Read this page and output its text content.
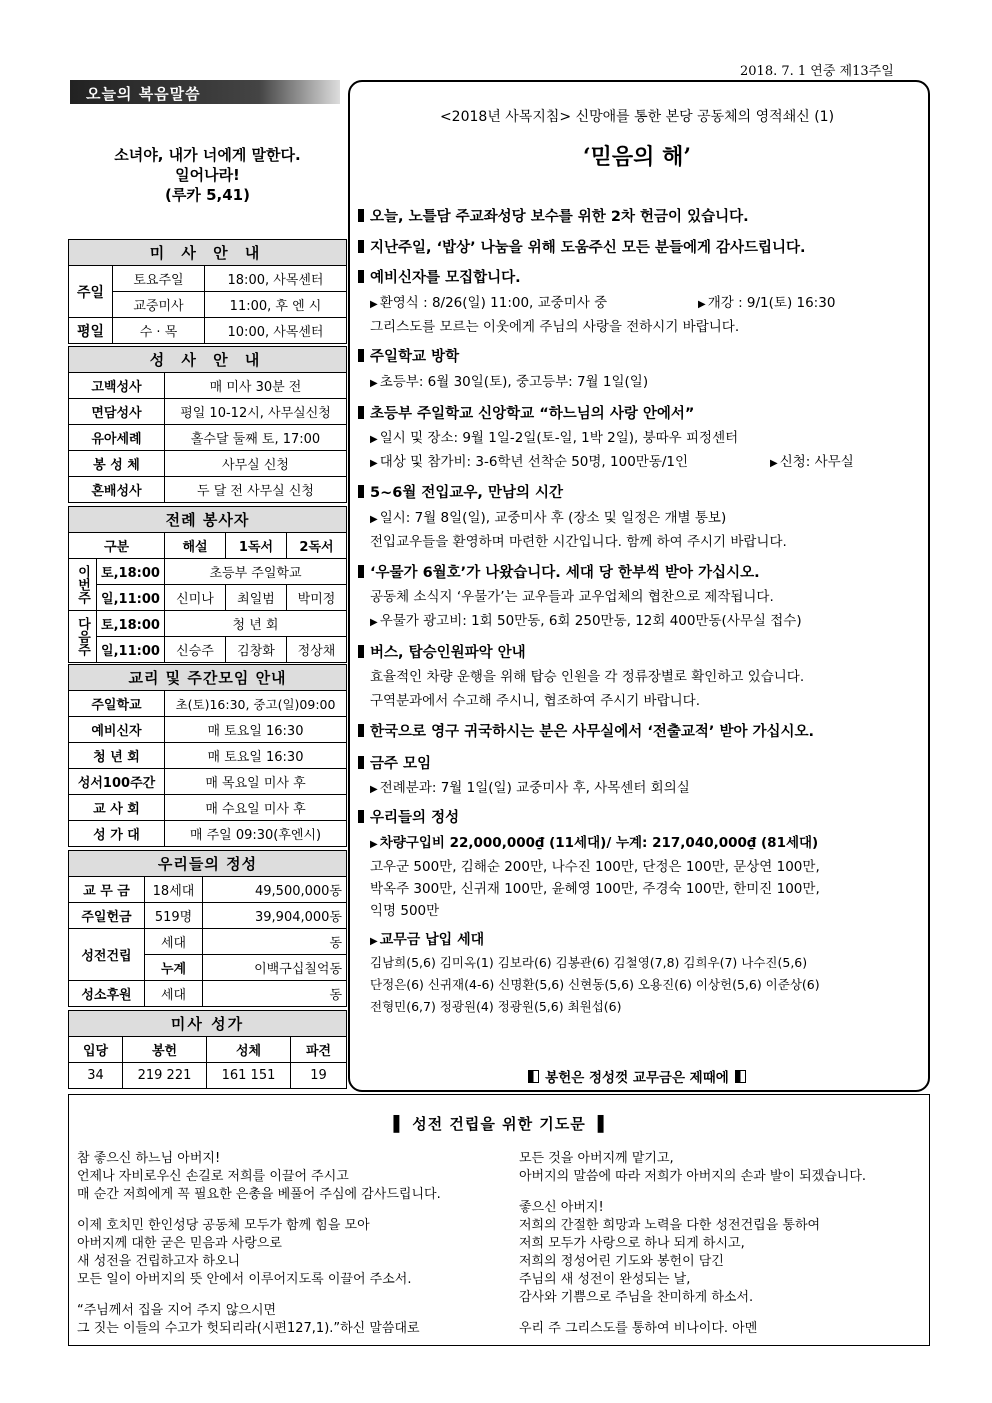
2018. 7. 1 연중 제13주일
오늘의 복음말씀
소녀야, 내가 너에게 말한다.
일어나라!
(루카 5,41)
미 사 안 내		
주일	토요주일	18:00, 사목센터
	교중미사	11:00, 후 엔 시
평일	수 · 목	10:00, 사목센터
성 사 안 내	
고백성사	매 미사 30분 전
면담성사	평일 10-12시, 사무실신청
유아세례	홀수달 둘째 토, 17:00
봉 성 체	사무실 신청
혼배성사	두 달 전 사무실 신청
전례 봉사자				
구분		해설	1독서	2독서
이번주	토,18:00	초등부 주일학교		
	일,11:00	신미나	최일범	박미정
다음주	토,18:00	청 년 회		
	일,11:00	신승주	김창화	정상채
교리 및 주간모임 안내	
주일학교	초(토)16:30, 중고(일)09:00
예비신자	매 토요일 16:30
청 년 회	매 토요일 16:30
성서100주간	매 목요일 미사 후
교 사 회	매 수요일 미사 후
성 가 대	매 주일 09:30(후엔시)
우리들의 정성		
교 무 금	18세대	49,500,000동
주일헌금	519명	39,904,000동
성전건립	세대	동
	누계	이백구십칠억동
성소후원	세대	동
미사 성가			
입당	봉헌	성체	파견
34	219 221	161 151	19
<2018년 사목지침> 신망애를 통한 본당 공동체의 영적쇄신 (1)
‘믿음의 해’
오늘, 노틀담 주교좌성당 보수를 위한 2차 헌금이 있습니다.
지난주일, ‘밥상’ 나눔을 위해 도움주신 모든 분들에게 감사드립니다.
예비신자를 모집합니다.
▶ 환영식 : 8/26(일) 11:00, 교중미사 중	▶ 개강 : 9/1(토) 16:30
그리스도를 모르는 이웃에게 주님의 사랑을 전하시기 바랍니다.
주일학교 방학
▶ 초등부: 6월 30일(토), 중고등부: 7월 1일(일)
초등부 주일학교 신앙학교 “하느님의 사랑 안에서”
▶ 일시 및 장소: 9월 1일-2일(토-일, 1박 2일), 붕따우 피정센터
▶ 대상 및 참가비: 3-6학년 선착순 50명, 100만동/1인	▶ 신청: 사무실
5~6월 전입교우, 만남의 시간
▶ 일시: 7월 8일(일), 교중미사 후 (장소 및 일정은 개별 통보)
전입교우들을 환영하며 마련한 시간입니다. 함께 하여 주시기 바랍니다.
‘우물가 6월호’가 나왔습니다. 세대 당 한부씩 받아 가십시오.
공동체 소식지 ‘우물가’는 교우들과 교우업체의 협찬으로 제작됩니다.
▶ 우물가 광고비: 1회 50만동, 6회 250만동, 12회 400만동(사무실 접수)
버스, 탑승인원파악 안내
효율적인 차량 운행을 위해 탑승 인원을 각 정류장별로 확인하고 있습니다.
구역분과에서 수고해 주시니, 협조하여 주시기 바랍니다.
한국으로 영구 귀국하시는 분은 사무실에서 ‘전출교적’ 받아 가십시오.
금주 모임
▶ 전례분과: 7월 1일(일) 교중미사 후, 사목센터 회의실
우리들의 정성
▶ 차량구입비 22,000,000₫ (11세대)/ 누계: 217,040,000₫ (81세대)
고우군 500만, 김해순 200만, 나수진 100만, 단정은 100만, 문상연 100만,
박옥주 300만, 신귀재 100만, 윤혜영 100만, 주경숙 100만, 한미진 100만,
익명 500만
▶ 교무금 납입 세대
김남희(5,6) 김미옥(1) 김보라(6) 김봉관(6) 김철영(7,8) 김희우(7) 나수진(5,6)
단정은(6) 신귀재(4-6) 신명환(5,6) 신현동(5,6) 오용진(6) 이상헌(5,6) 이준상(6)
전형민(6,7) 정광원(4) 정광원(5,6) 최원섭(6)
봉헌은 정성껏 교무금은 제때에
▌ 성전 건립을 위한 기도문 ▐
참 좋으신 하느님 아버지!
언제나 자비로우신 손길로 저희를 이끌어 주시고
매 순간 저희에게 꼭 필요한 은총을 베풀어 주심에 감사드립니다.
이제 호치민 한인성당 공동체 모두가 함께 힘을 모아
아버지께 대한 굳은 믿음과 사랑으로
새 성전을 건립하고자 하오니
모든 일이 아버지의 뜻 안에서 이루어지도록 이끌어 주소서.
“주님께서 집을 지어 주지 않으시면
그 짓는 이들의 수고가 헛되리라(시편127,1).”하신 말씀대로
모든 것을 아버지께 맡기고,
아버지의 말씀에 따라 저희가 아버지의 손과 발이 되겠습니다.
좋으신 아버지!
저희의 간절한 희망과 노력을 다한 성전건립을 통하여
저희 모두가 사랑으로 하나 되게 하시고,
저희의 정성어린 기도와 봉헌이 담긴
주님의 새 성전이 완성되는 날,
감사와 기쁨으로 주님을 찬미하게 하소서.
우리 주 그리스도를 통하여 비나이다. 아멘
